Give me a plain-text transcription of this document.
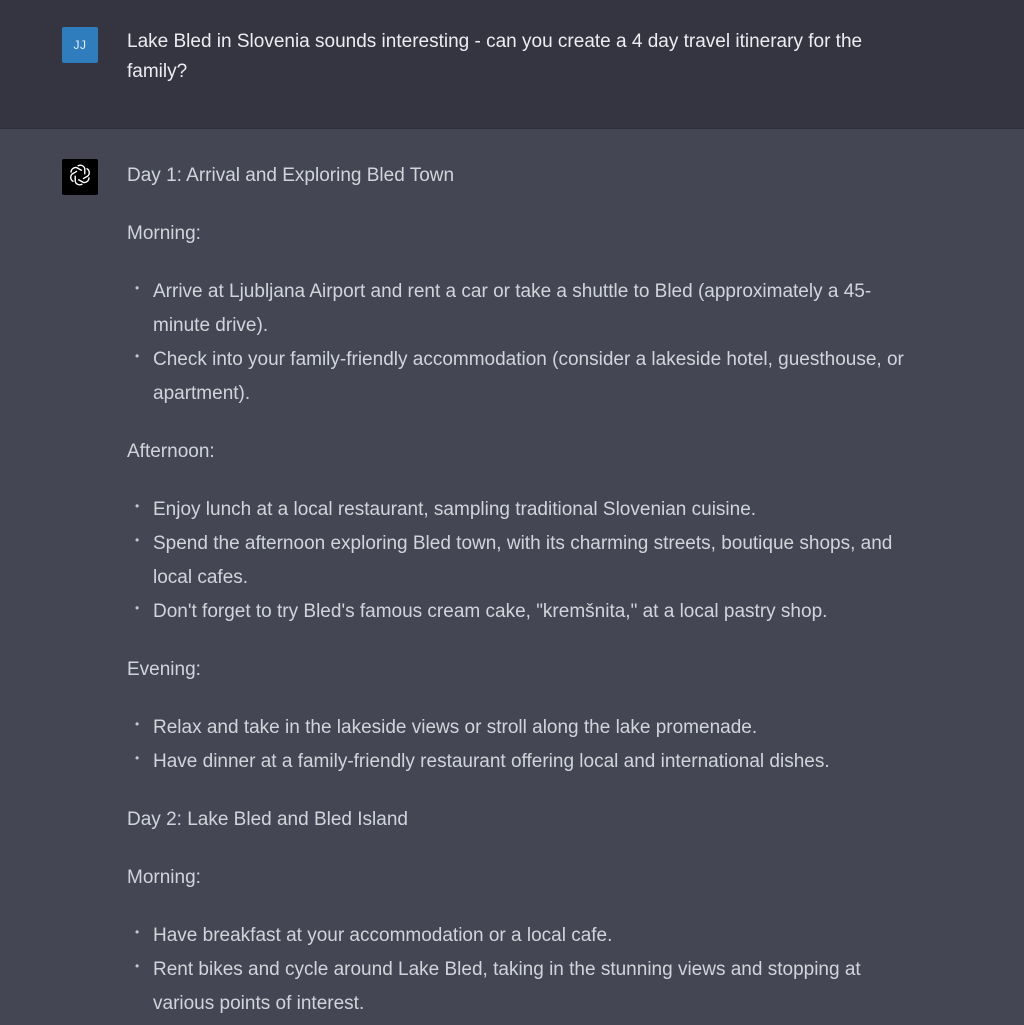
JJ	Lake Bled in Slovenia sounds interesting - can you create a 4 day travel itinerary for the family?

Day 1: Arrival and Exploring Bled Town

Morning:

• Arrive at Ljubljana Airport and rent a car or take a shuttle to Bled (approximately a 45-minute drive).
• Check into your family-friendly accommodation (consider a lakeside hotel, guesthouse, or apartment).

Afternoon:

• Enjoy lunch at a local restaurant, sampling traditional Slovenian cuisine.
• Spend the afternoon exploring Bled town, with its charming streets, boutique shops, and local cafes.
• Don't forget to try Bled's famous cream cake, "kremšnita," at a local pastry shop.

Evening:

• Relax and take in the lakeside views or stroll along the lake promenade.
• Have dinner at a family-friendly restaurant offering local and international dishes.

Day 2: Lake Bled and Bled Island

Morning:

• Have breakfast at your accommodation or a local cafe.
• Rent bikes and cycle around Lake Bled, taking in the stunning views and stopping at various points of interest.
